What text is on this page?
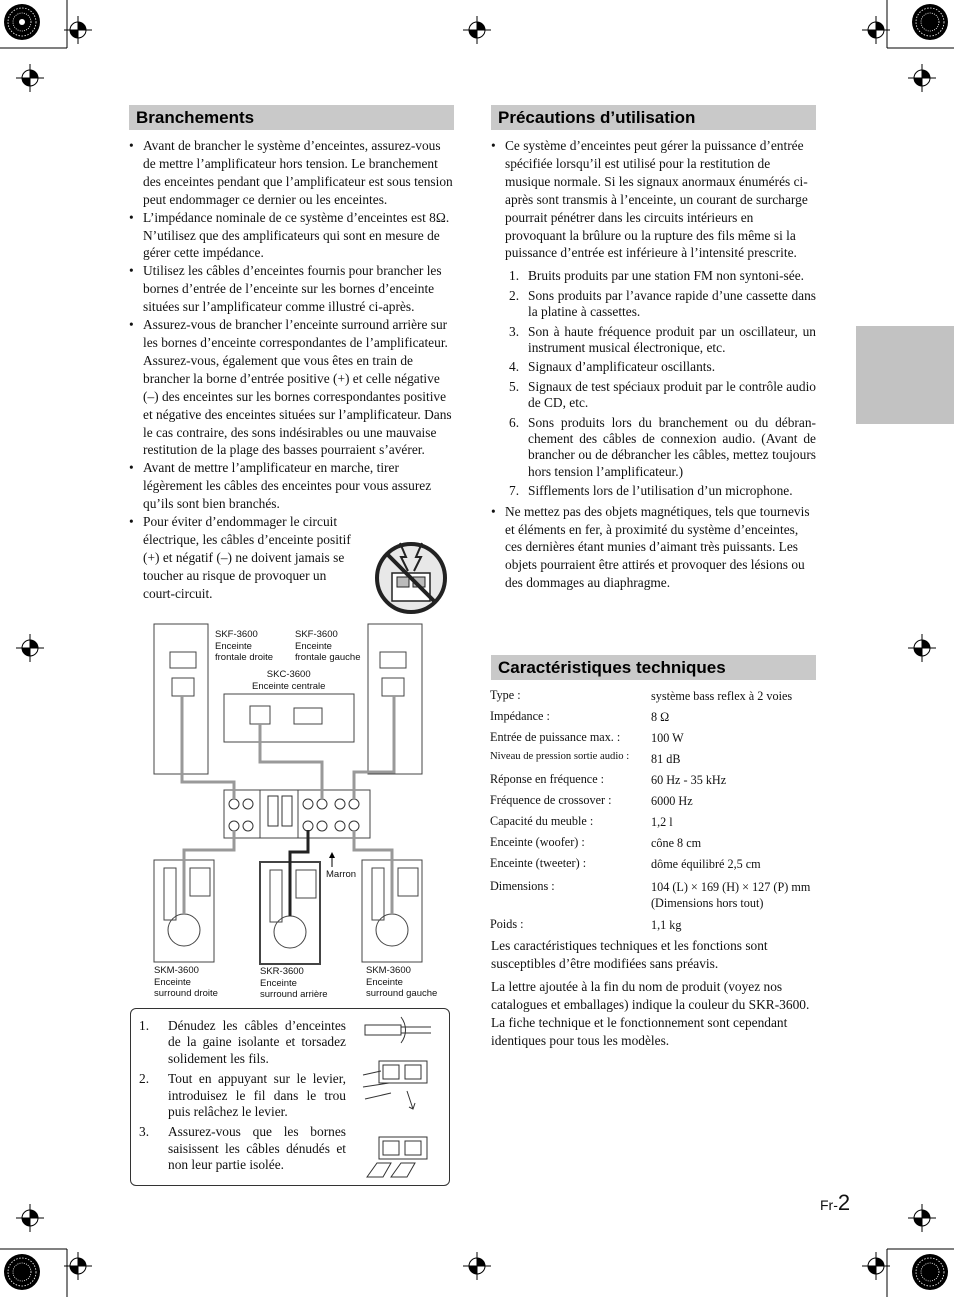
Branchements
• Avant de brancher le système d’enceintes, assurez-vous de mettre l’amplificateur hors tension. Le branchement des enceintes pendant que l’amplificateur est sous tension peut endommager ce dernier ou les enceintes.
• L’impédance nominale de ce système d’enceintes est 8Ω. N’utilisez que des amplificateurs qui sont en mesure de gérer cette impédance.
• Utilisez les câbles d’enceintes fournis pour brancher les bornes d’entrée de l’enceinte sur les bornes d’enceinte situées sur l’amplificateur comme illustré ci-après.
• Assurez-vous de brancher l’enceinte surround arrière sur les bornes d’enceinte correspondantes de l’amplificateur. Assurez-vous, également que vous êtes en train de brancher la borne d’entrée positive (+) et celle négative (–) des enceintes sur les bornes correspondantes positive et négative des enceintes situées sur l’amplificateur. Dans le cas contraire, des sons indésirables ou une mauvaise restitution de la plage des basses pourraient s’avérer.
• Avant de mettre l’amplificateur en marche, tirer légèrement les câbles des enceintes pour vous assurez qu’ils sont bien branchés.
• Pour éviter d’endommager le circuit électrique, les câbles d’enceinte positif (+) et négatif (–) ne doivent jamais se toucher au risque de provoquer un court-circuit.
SKF-3600
Enceinte
frontale droite
SKF-3600
Enceinte
frontale gauche
SKC-3600
Enceinte centrale
Marron
SKM-3600
Enceinte
surround droite
SKR-3600
Enceinte
surround arrière
SKM-3600
Enceinte
surround gauche
1. Dénudez les câbles d’enceintes de la gaine isolante et torsadez solidement les fils.
2. Tout en appuyant sur le levier, introduisez le fil dans le trou puis relâchez le levier.
3. Assurez-vous que les bornes saisissent les câbles dénudés et non leur partie isolée.
Précautions d’utilisation
• Ce système d’enceintes peut gérer la puissance d’entrée spécifiée lorsqu’il est utilisé pour la restitution de musique normale. Si les signaux anormaux énumérés ci-après sont transmis à l’enceinte, un courant de surcharge pourrait pénétrer dans les circuits intérieurs en provoquant la brûlure ou la rupture des fils même si la puissance d’entrée est inférieure à l’intensité prescrite.
1. Bruits produits par une station FM non syntoni-sée.
2. Sons produits par l’avance rapide d’une cassette dans la platine à cassettes.
3. Son à haute fréquence produit par un oscillateur, un instrument musical électronique, etc.
4. Signaux d’amplificateur oscillants.
5. Signaux de test spéciaux produit par le contrôle audio de CD, etc.
6. Sons produits lors du branchement ou du débran-chement des câbles de connexion audio. (Avant de brancher ou de débrancher les câbles, mettez toujours hors tension l’amplificateur.)
7. Sifflements lors de l’utilisation d’un microphone.
• Ne mettez pas des objets magnétiques, tels que tournevis et éléments en fer, à proximité du système d’enceintes, ces dernières étant munies d’aimant très puissants. Les objets pourraient être attirés et provoquer des lésions ou des dommages au diaphragme.
Caractéristiques techniques
Type :	système bass reflex à 2 voies
Impédance :	8 Ω
Entrée de puissance max. :	100 W
Niveau de pression sortie audio : 81 dB
Réponse en fréquence :	60 Hz - 35 kHz
Fréquence de crossover :	6000 Hz
Capacité du meuble :	1,2 l
Enceinte (woofer) :	cône 8 cm
Enceinte (tweeter) :	dôme équilibré 2,5 cm
Dimensions :	104 (L) × 169 (H) × 127 (P) mm
(Dimensions hors tout)
Poids :	1,1 kg
Les caractéristiques techniques et les fonctions sont susceptibles d’être modifiées sans préavis.
La lettre ajoutée à la fin du nom de produit (voyez nos catalogues et emballages) indique la couleur du SKR-3600. La fiche technique et le fonctionnement sont cependant identiques pour tous les modèles.
Fr-2
